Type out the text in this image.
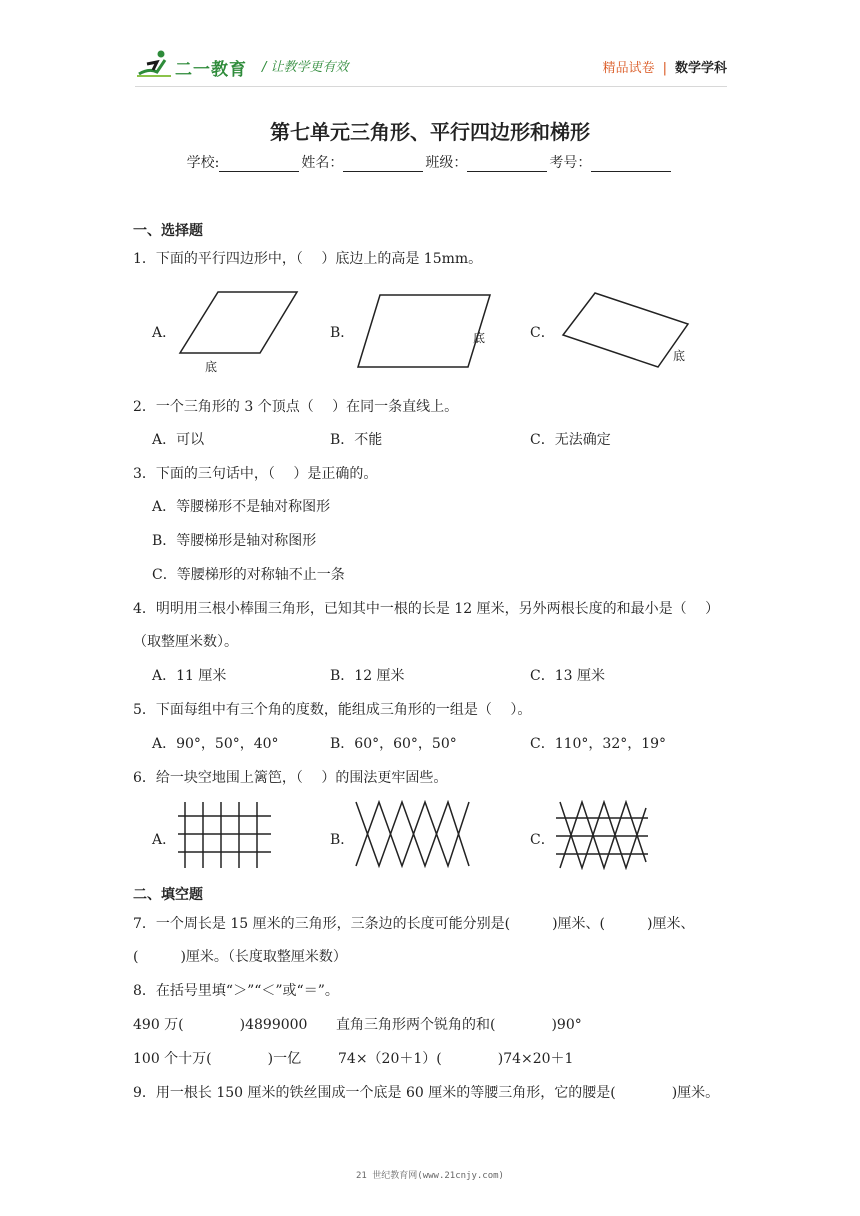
二一教育 / 让教学更有效	精品试卷 | 数学学科
第七单元三角形、平行四边形和梯形
学校:	姓名：	班级：	考号：
一、选择题
1．下面的平行四边形中，（　 ）底边上的高是 15mm。
A．	B．	C．
底
底
底
2．一个三角形的 3 个顶点（　 ）在同一条直线上。
A．可以	B．不能	C．无法确定
3．下面的三句话中，（　 ）是正确的。
A．等腰梯形不是轴对称图形
B．等腰梯形是轴对称图形
C．等腰梯形的对称轴不止一条
4．明明用三根小棒围三角形，已知其中一根的长是 12 厘米，另外两根长度的和最小是（　 ）
（取整厘米数）。
A．11 厘米	B．12 厘米	C．13 厘米
5．下面每组中有三个角的度数，能组成三角形的一组是（　 ）。
A．90°，50°，40°	B．60°，60°，50°	C．110°，32°，19°
6．给一块空地围上篱笆，（　 ）的围法更牢固些。
A．	B．	C．
二、填空题
7．一个周长是 15 厘米的三角形，三条边的长度可能分别是(　　　)厘米、(　　　)厘米、
(　　　)厘米。（长度取整厘米数）
8．在括号里填“＞”“＜”或“＝”。
490 万(　　　　)4899000 直角三角形两个锐角的和(　　　　)90°
100 个十万(　　　　)一亿	74×（20＋1）(　　　　)74×20＋1
9．用一根长 150 厘米的铁丝围成一个底是 60 厘米的等腰三角形，它的腰是(　　　　)厘米。
21 世纪教育网(www.21cnjy.com)
